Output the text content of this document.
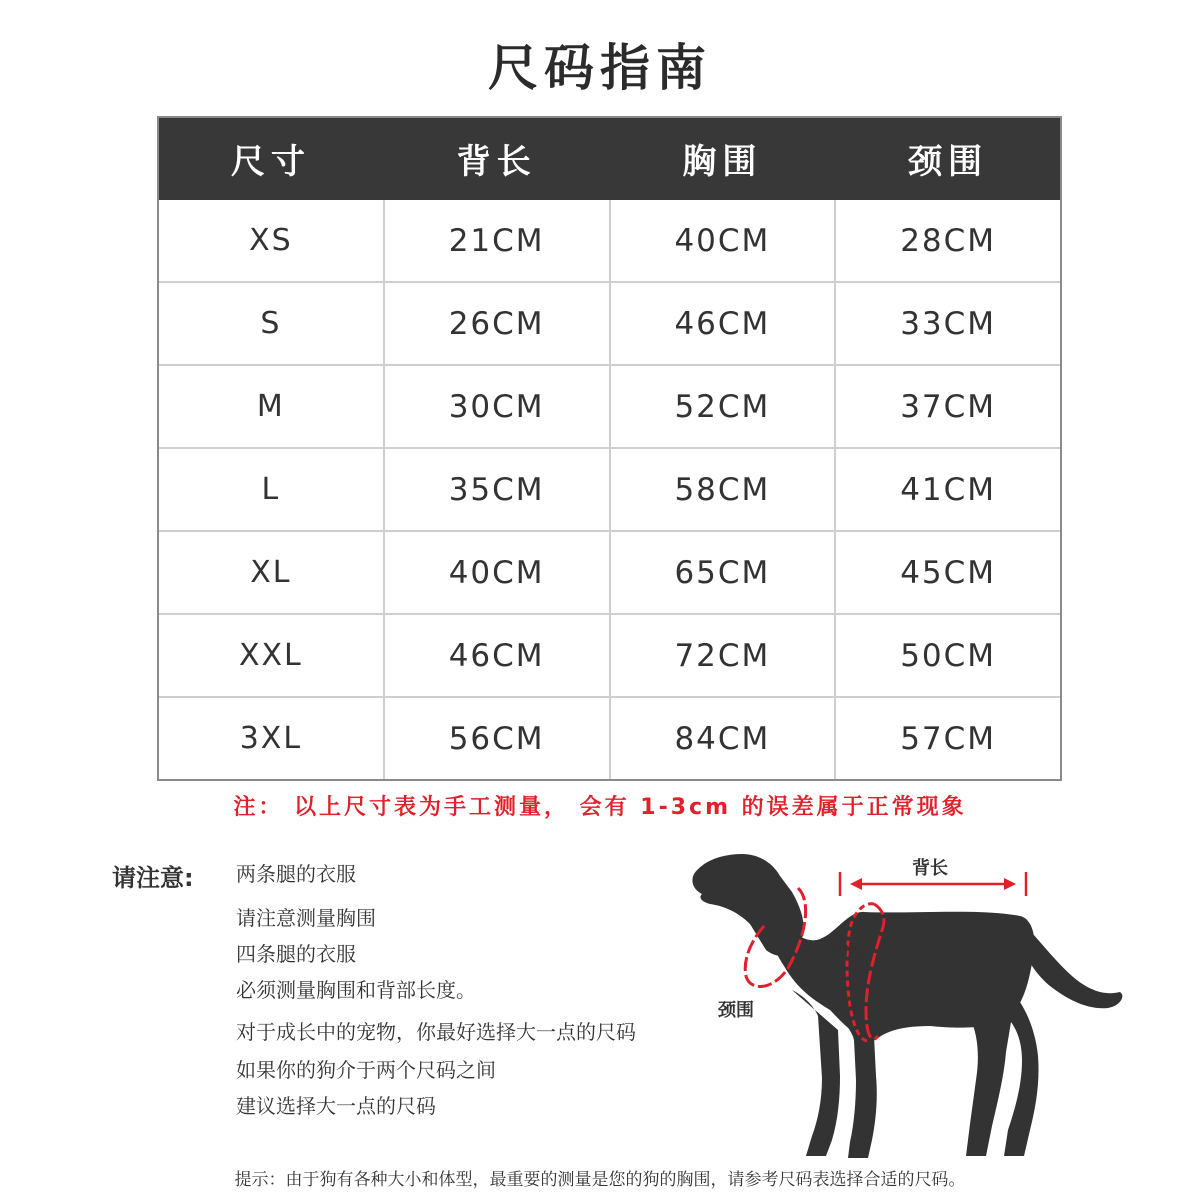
尺码指南
尺寸	背长	胸围	颈围
XS	21CM	40CM	28CM
S	26CM	46CM	33CM
M	30CM	52CM	37CM
L	35CM	58CM	41CM
XL	40CM	65CM	45CM
XXL	46CM	72CM	50CM
3XL	56CM	84CM	57CM
注： 以上尺寸表为手工测量， 会有 1-3cm 的误差属于正常现象
请注意: 两条腿的衣服
请注意测量胸围
四条腿的衣服
必须测量胸围和背部长度。
对于成长中的宠物，你最好选择大一点的尺码
如果你的狗介于两个尺码之间
建议选择大一点的尺码
背长
胸围
颈围
提示：由于狗有各种大小和体型，最重要的测量是您的狗的胸围，请参考尺码表选择合适的尺码。
